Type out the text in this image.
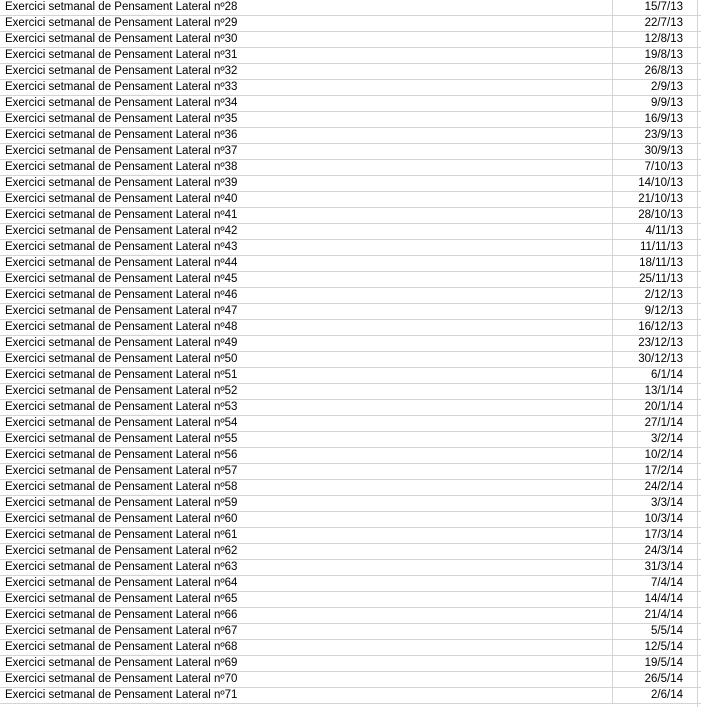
Exercici setmanal de Pensament Lateral nº28	15/7/13
Exercici setmanal de Pensament Lateral nº29	22/7/13
Exercici setmanal de Pensament Lateral nº30	12/8/13
Exercici setmanal de Pensament Lateral nº31	19/8/13
Exercici setmanal de Pensament Lateral nº32	26/8/13
Exercici setmanal de Pensament Lateral nº33	2/9/13
Exercici setmanal de Pensament Lateral nº34	9/9/13
Exercici setmanal de Pensament Lateral nº35	16/9/13
Exercici setmanal de Pensament Lateral nº36	23/9/13
Exercici setmanal de Pensament Lateral nº37	30/9/13
Exercici setmanal de Pensament Lateral nº38	7/10/13
Exercici setmanal de Pensament Lateral nº39	14/10/13
Exercici setmanal de Pensament Lateral nº40	21/10/13
Exercici setmanal de Pensament Lateral nº41	28/10/13
Exercici setmanal de Pensament Lateral nº42	4/11/13
Exercici setmanal de Pensament Lateral nº43	11/11/13
Exercici setmanal de Pensament Lateral nº44	18/11/13
Exercici setmanal de Pensament Lateral nº45	25/11/13
Exercici setmanal de Pensament Lateral nº46	2/12/13
Exercici setmanal de Pensament Lateral nº47	9/12/13
Exercici setmanal de Pensament Lateral nº48	16/12/13
Exercici setmanal de Pensament Lateral nº49	23/12/13
Exercici setmanal de Pensament Lateral nº50	30/12/13
Exercici setmanal de Pensament Lateral nº51	6/1/14
Exercici setmanal de Pensament Lateral nº52	13/1/14
Exercici setmanal de Pensament Lateral nº53	20/1/14
Exercici setmanal de Pensament Lateral nº54	27/1/14
Exercici setmanal de Pensament Lateral nº55	3/2/14
Exercici setmanal de Pensament Lateral nº56	10/2/14
Exercici setmanal de Pensament Lateral nº57	17/2/14
Exercici setmanal de Pensament Lateral nº58	24/2/14
Exercici setmanal de Pensament Lateral nº59	3/3/14
Exercici setmanal de Pensament Lateral nº60	10/3/14
Exercici setmanal de Pensament Lateral nº61	17/3/14
Exercici setmanal de Pensament Lateral nº62	24/3/14
Exercici setmanal de Pensament Lateral nº63	31/3/14
Exercici setmanal de Pensament Lateral nº64	7/4/14
Exercici setmanal de Pensament Lateral nº65	14/4/14
Exercici setmanal de Pensament Lateral nº66	21/4/14
Exercici setmanal de Pensament Lateral nº67	5/5/14
Exercici setmanal de Pensament Lateral nº68	12/5/14
Exercici setmanal de Pensament Lateral nº69	19/5/14
Exercici setmanal de Pensament Lateral nº70	26/5/14
Exercici setmanal de Pensament Lateral nº71	2/6/14
